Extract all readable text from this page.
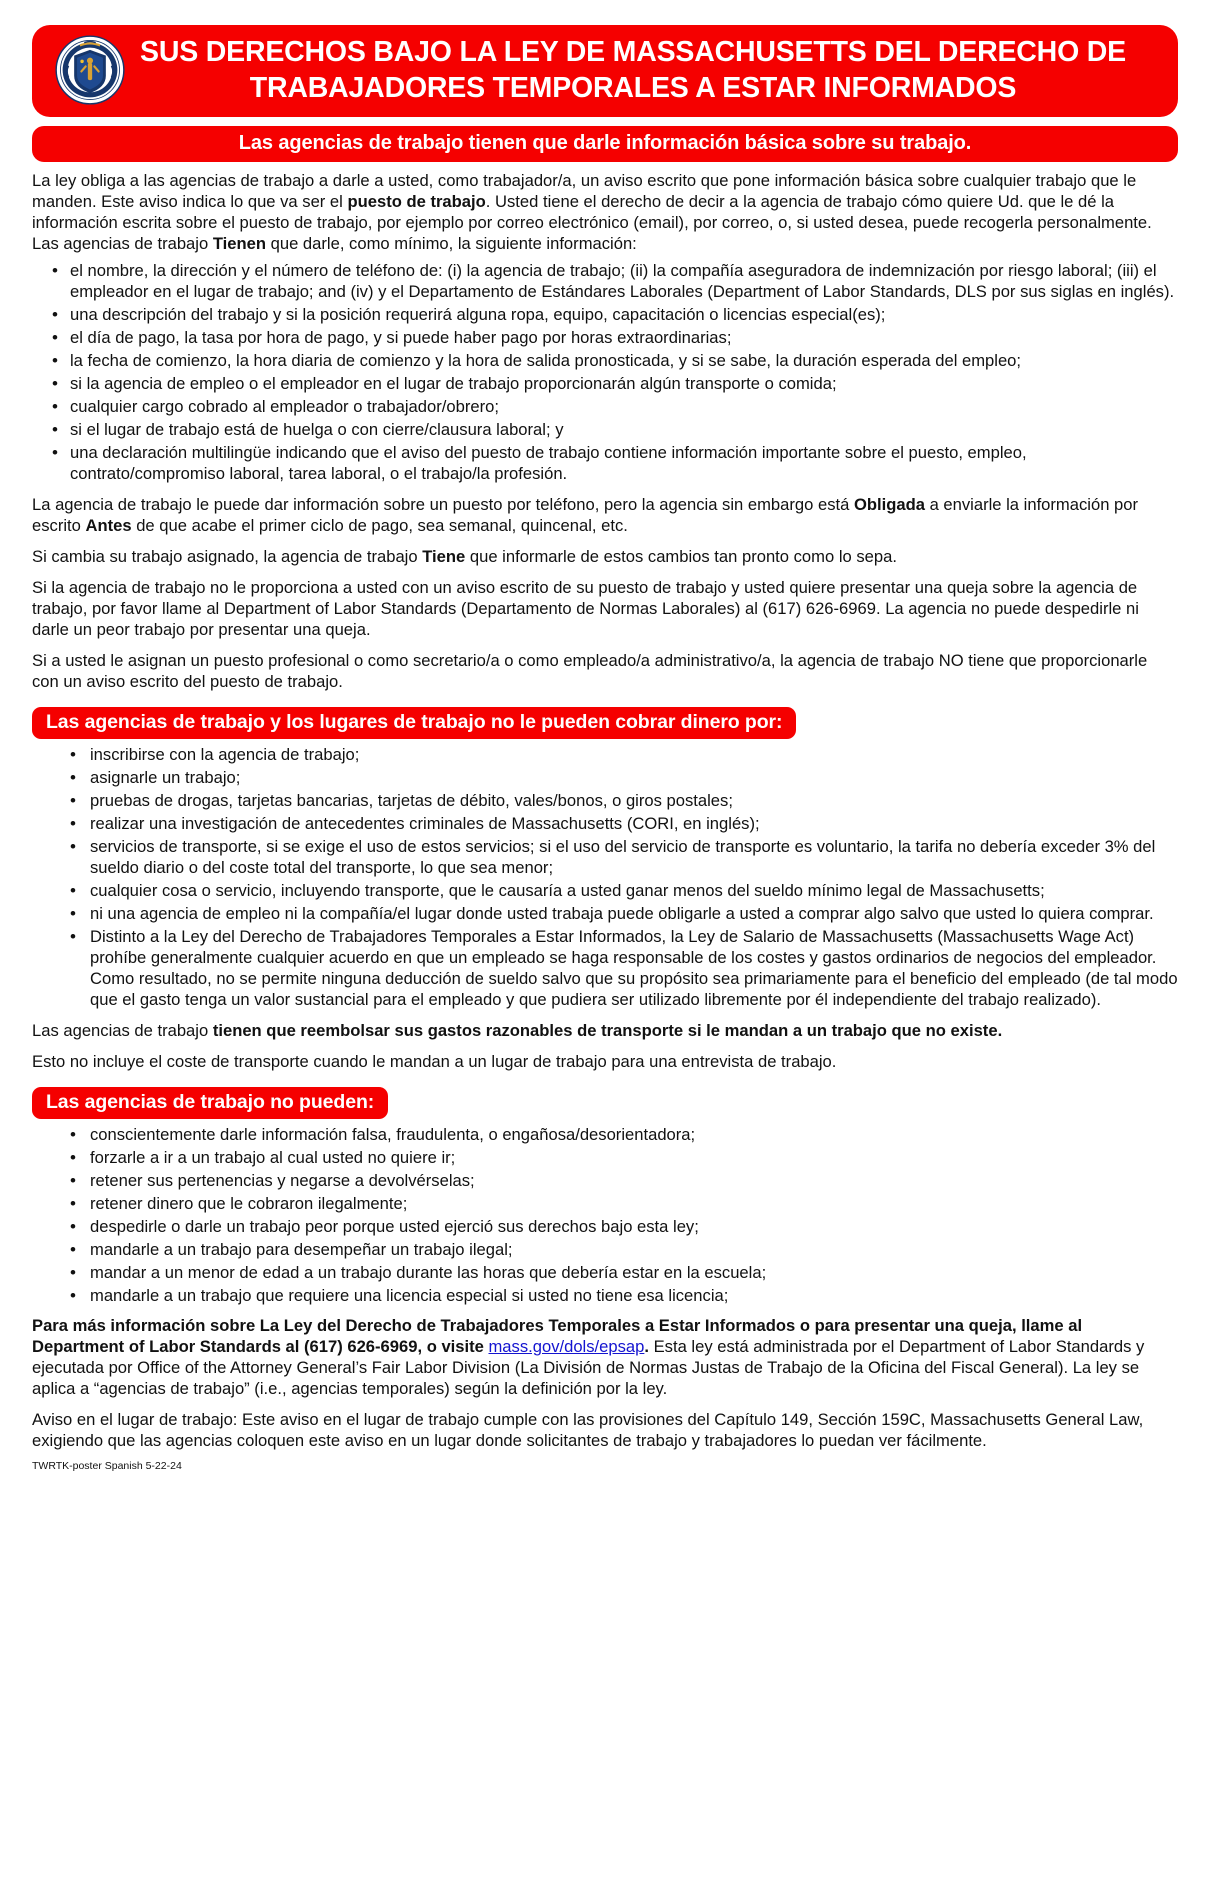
SUS DERECHOS BAJO LA LEY DE MASSACHUSETTS DEL DERECHO DE TRABAJADORES TEMPORALES A ESTAR INFORMADOS
Las agencias de trabajo tienen que darle información básica sobre su trabajo.

La ley obliga a las agencias de trabajo a darle a usted, como trabajador/a, un aviso escrito que pone información básica sobre cualquier trabajo que le manden. Este aviso indica lo que va ser el puesto de trabajo. Usted tiene el derecho de decir a la agencia de trabajo cómo quiere Ud. que le dé la información escrita sobre el puesto de trabajo, por ejemplo por correo electrónico (email), por correo, o, si usted desea, puede recogerla personalmente. Las agencias de trabajo Tienen que darle, como mínimo, la siguiente información:

• el nombre, la dirección y el número de teléfono de: (i) la agencia de trabajo; (ii) la compañía aseguradora de indemnización por riesgo laboral; (iii) el empleador en el lugar de trabajo; and (iv) y el Departamento de Estándares Laborales (Department of Labor Standards, DLS por sus siglas en inglés).
• una descripción del trabajo y si la posición requerirá alguna ropa, equipo, capacitación o licencias especial(es);
• el día de pago, la tasa por hora de pago, y si puede haber pago por horas extraordinarias;
• la fecha de comienzo, la hora diaria de comienzo y la hora de salida pronosticada, y si se sabe, la duración esperada del empleo;
• si la agencia de empleo o el empleador en el lugar de trabajo proporcionarán algún transporte o comida;
• cualquier cargo cobrado al empleador o trabajador/obrero;
• si el lugar de trabajo está de huelga o con cierre/clausura laboral; y
• una declaración multilingüe indicando que el aviso del puesto de trabajo contiene información importante sobre el puesto, empleo, contrato/compromiso laboral, tarea laboral, o el trabajo/la profesión.

La agencia de trabajo le puede dar información sobre un puesto por teléfono, pero la agencia sin embargo está Obligada a enviarle la información por escrito Antes de que acabe el primer ciclo de pago, sea semanal, quincenal, etc.

Si cambia su trabajo asignado, la agencia de trabajo Tiene que informarle de estos cambios tan pronto como lo sepa.

Si la agencia de trabajo no le proporciona a usted con un aviso escrito de su puesto de trabajo y usted quiere presentar una queja sobre la agencia de trabajo, por favor llame al Department of Labor Standards (Departamento de Normas Laborales) al (617) 626-6969. La agencia no puede despedirle ni darle un peor trabajo por presentar una queja.

Si a usted le asignan un puesto profesional o como secretario/a o como empleado/a administrativo/a, la agencia de trabajo NO tiene que proporcionarle con un aviso escrito del puesto de trabajo.

Las agencias de trabajo y los lugares de trabajo no le pueden cobrar dinero por:
• inscribirse con la agencia de trabajo;
• asignarle un trabajo;
• pruebas de drogas, tarjetas bancarias, tarjetas de débito, vales/bonos, o giros postales;
• realizar una investigación de antecedentes criminales de Massachusetts (CORI, en inglés);
• servicios de transporte, si se exige el uso de estos servicios; si el uso del servicio de transporte es voluntario, la tarifa no debería exceder 3% del sueldo diario o del coste total del transporte, lo que sea menor;
• cualquier cosa o servicio, incluyendo transporte, que le causaría a usted ganar menos del sueldo mínimo legal de Massachusetts;
• ni una agencia de empleo ni la compañía/el lugar donde usted trabaja puede obligarle a usted a comprar algo salvo que usted lo quiera comprar.
• Distinto a la Ley del Derecho de Trabajadores Temporales a Estar Informados, la Ley de Salario de Massachusetts (Massachusetts Wage Act) prohíbe generalmente cualquier acuerdo en que un empleado se haga responsable de los costes y gastos ordinarios de negocios del empleador. Como resultado, no se permite ninguna deducción de sueldo salvo que su propósito sea primariamente para el beneficio del empleado (de tal modo que el gasto tenga un valor sustancial para el empleado y que pudiera ser utilizado libremente por él independiente del trabajo realizado).

Las agencias de trabajo tienen que reembolsar sus gastos razonables de transporte si le mandan a un trabajo que no existe.

Esto no incluye el coste de transporte cuando le mandan a un lugar de trabajo para una entrevista de trabajo.

Las agencias de trabajo no pueden:
• conscientemente darle información falsa, fraudulenta, o engañosa/desorientadora;
• forzarle a ir a un trabajo al cual usted no quiere ir;
• retener sus pertenencias y negarse a devolvérselas;
• retener dinero que le cobraron ilegalmente;
• despedirle o darle un trabajo peor porque usted ejerció sus derechos bajo esta ley;
• mandarle a un trabajo para desempeñar un trabajo ilegal;
• mandar a un menor de edad a un trabajo durante las horas que debería estar en la escuela;
• mandarle a un trabajo que requiere una licencia especial si usted no tiene esa licencia;

Para más información sobre La Ley del Derecho de Trabajadores Temporales a Estar Informados o para presentar una queja, llame al Department of Labor Standards al (617) 626-6969, o visite mass.gov/dols/epsap. Esta ley está administrada por el Department of Labor Standards y ejecutada por Office of the Attorney General’s Fair Labor Division (La División de Normas Justas de Trabajo de la Oficina del Fiscal General). La ley se aplica a “agencias de trabajo” (i.e., agencias temporales) según la definición por la ley.

Aviso en el lugar de trabajo: Este aviso en el lugar de trabajo cumple con las provisiones del Capítulo 149, Sección 159C, Massachusetts General Law, exigiendo que las agencias coloquen este aviso en un lugar donde solicitantes de trabajo y trabajadores lo puedan ver fácilmente.

TWRTK-poster Spanish 5-22-24
